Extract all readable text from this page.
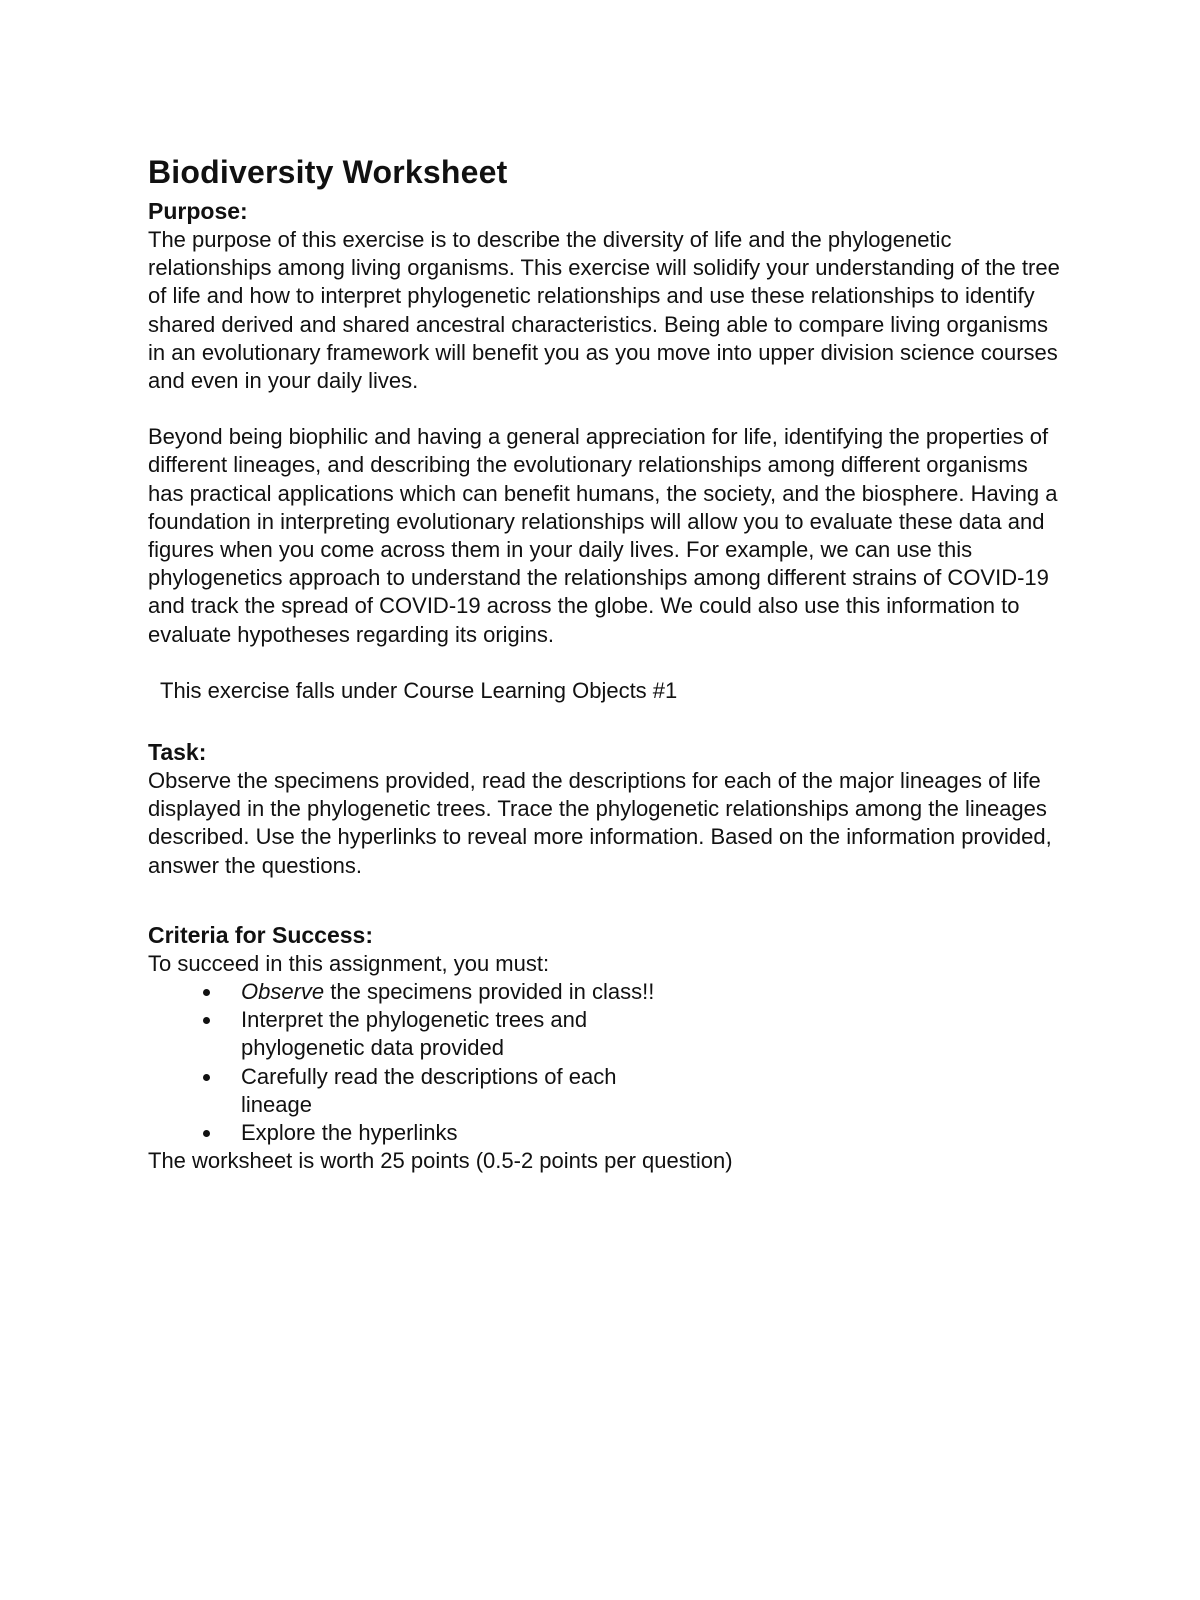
Biodiversity Worksheet
Purpose:

The purpose of this exercise is to describe the diversity of life and the phylogenetic relationships among living organisms. This exercise will solidify your understanding of the tree of life and how to interpret phylogenetic relationships and use these relationships to identify shared derived and shared ancestral characteristics. Being able to compare living organisms in an evolutionary framework will benefit you as you move into upper division science courses and even in your daily lives.

Beyond being biophilic and having a general appreciation for life, identifying the properties of different lineages, and describing the evolutionary relationships among different organisms has practical applications which can benefit humans, the society, and the biosphere. Having a foundation in interpreting evolutionary relationships will allow you to evaluate these data and figures when you come across them in your daily lives. For example, we can use this phylogenetics approach to understand the relationships among different strains of COVID-19 and track the spread of COVID-19 across the globe. We could also use this information to evaluate hypotheses regarding its origins.

This exercise falls under Course Learning Objects #1

Task:

Observe the specimens provided, read the descriptions for each of the major lineages of life displayed in the phylogenetic trees. Trace the phylogenetic relationships among the lineages described. Use the hyperlinks to reveal more information. Based on the information provided, answer the questions.

Criteria for Success:

To succeed in this assignment, you must:

Observe the specimens provided in class!!
Interpret the phylogenetic trees and phylogenetic data provided
Carefully read the descriptions of each lineage
Explore the hyperlinks

The worksheet is worth 25 points (0.5-2 points per question)
